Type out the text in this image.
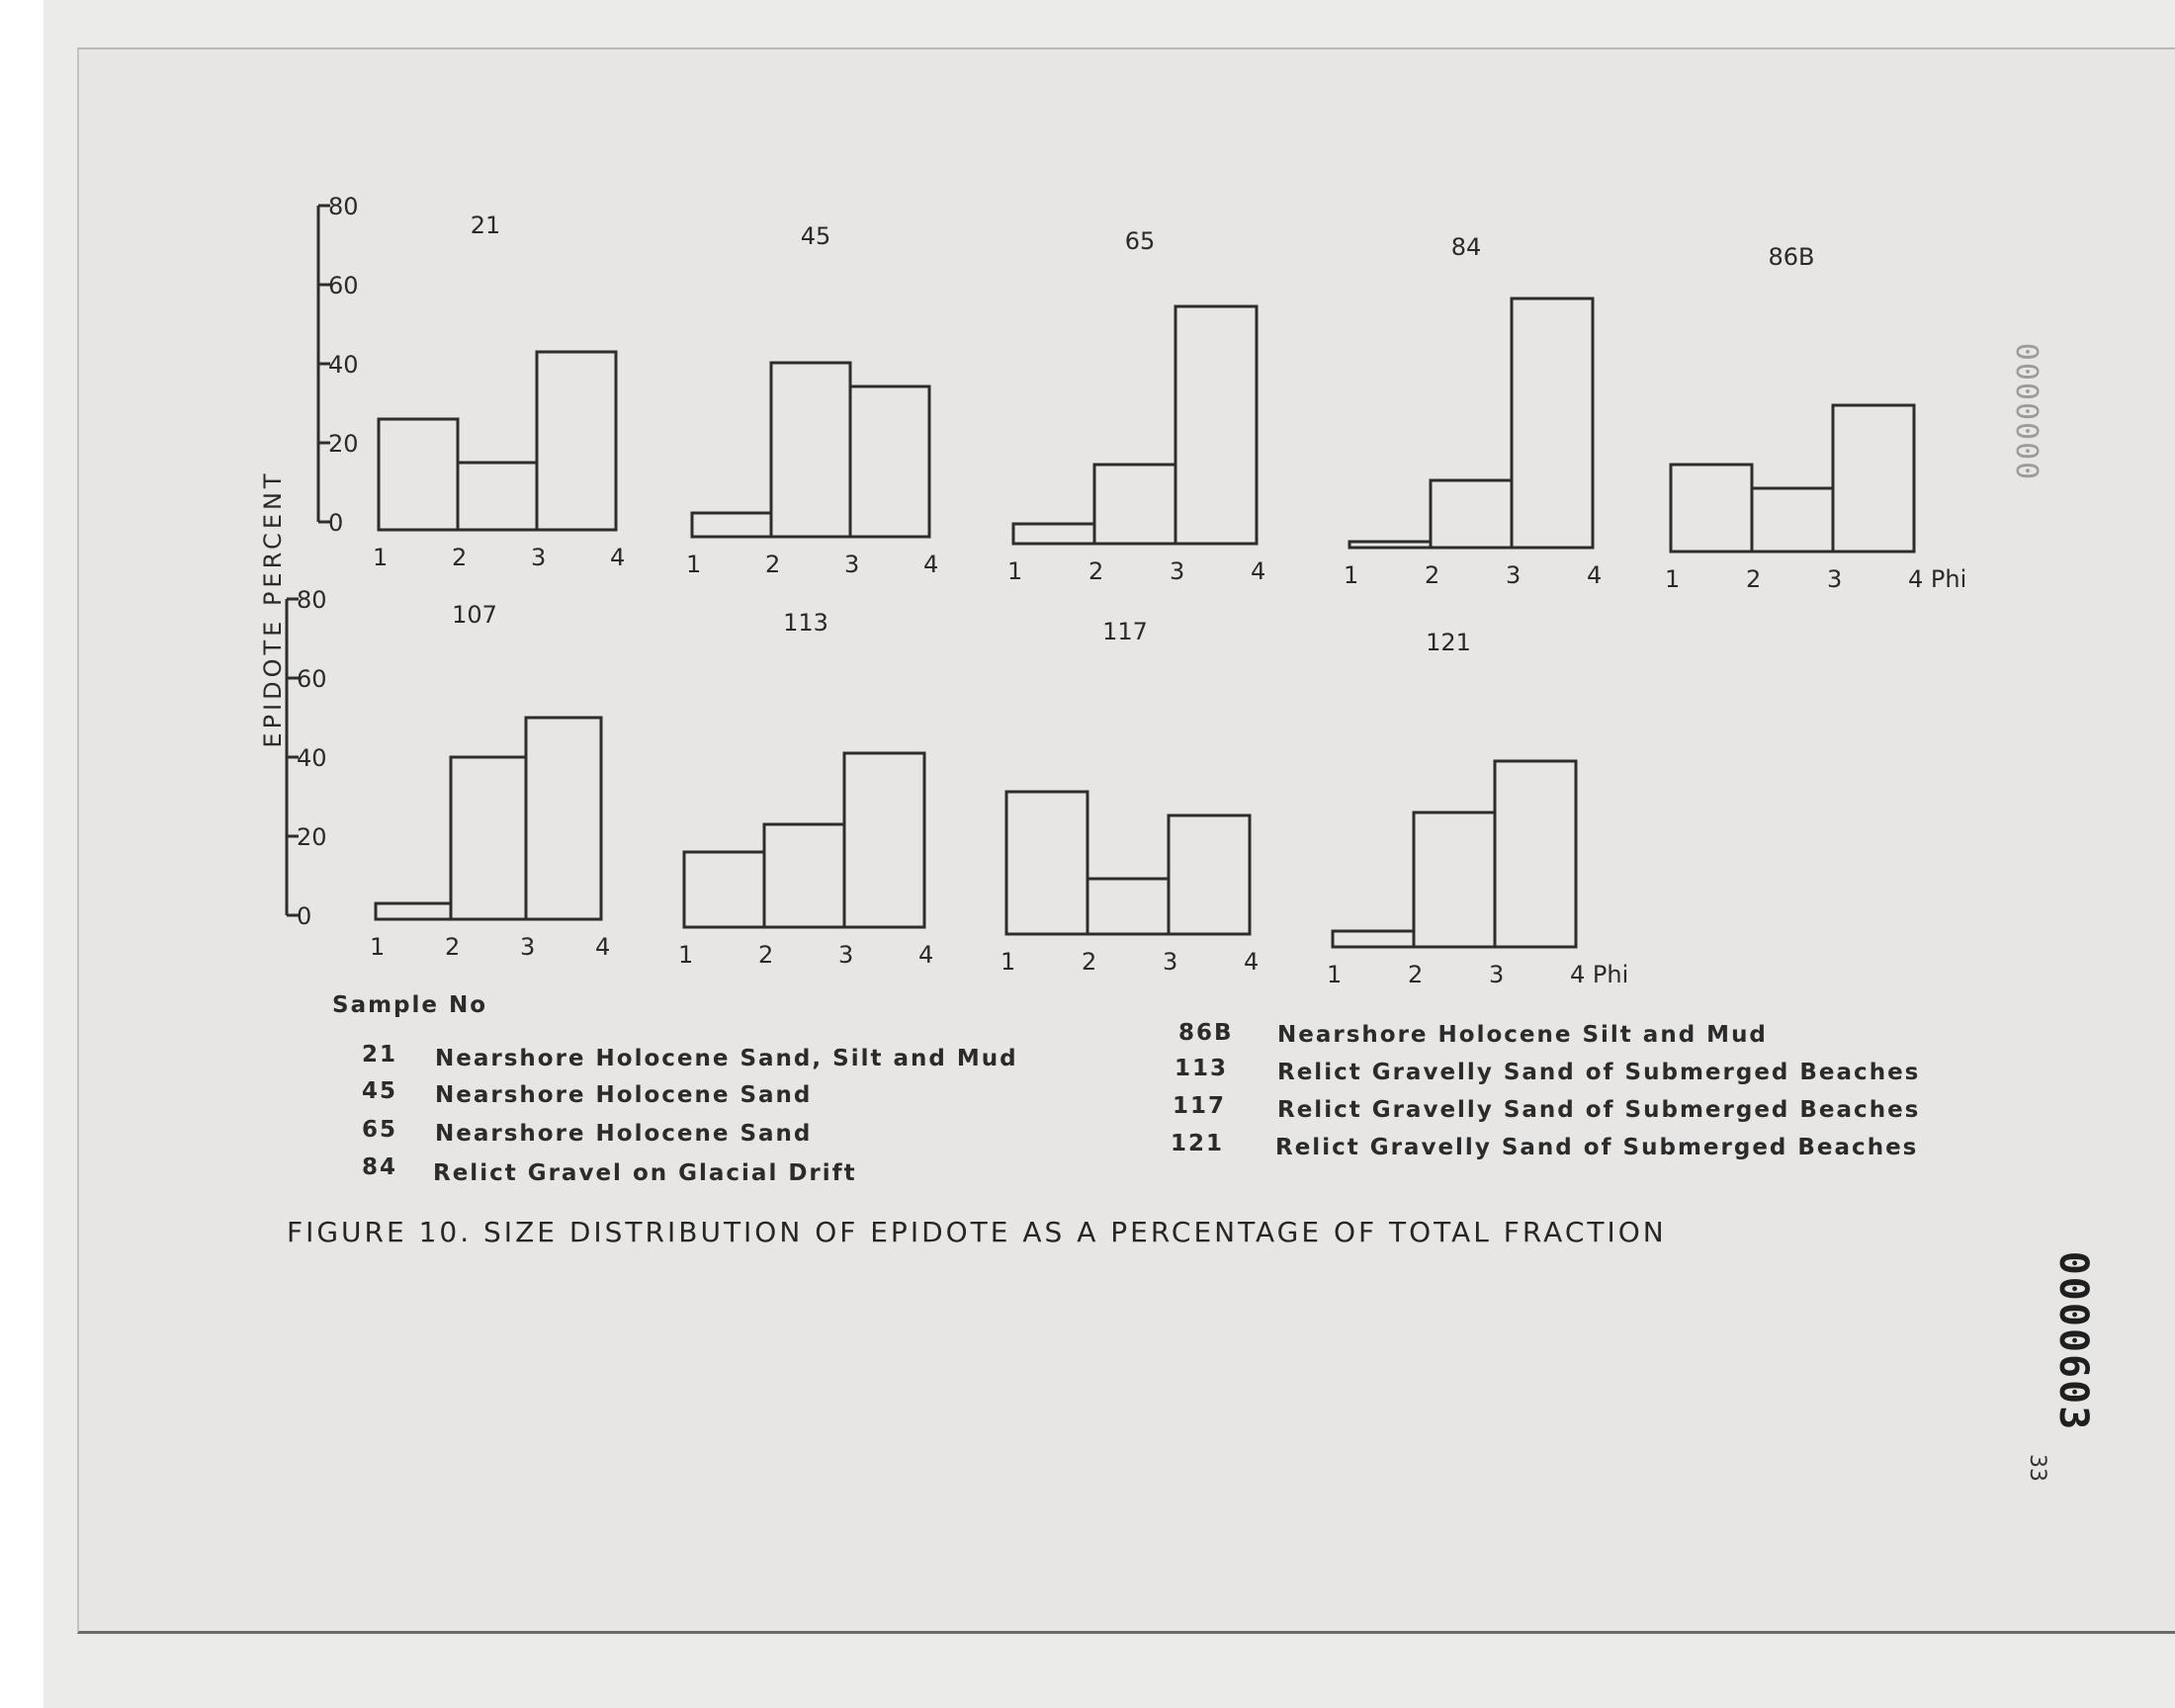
80
60
40
20
0
21
1	2	3	4
45
1	2	3	4
65
1	2	3	4
84
1	2	3	4
86B
1	2	3	4 Phi
80
60
40
20
0
107
1	2	3	4
113
1	2	3	4
117
1	2	3	4
121
1	2	3	4 Phi
EPIDOTE PERCENT
Sample No
21 Nearshore Holocene Sand, Silt and Mud
45 Nearshore Holocene Sand
65 Nearshore Holocene Sand
84 Relict Gravel on Glacial Drift
86B Nearshore Holocene Silt and Mud
113 Relict Gravelly Sand of Submerged Beaches
117 Relict Gravelly Sand of Submerged Beaches
121 Relict Gravelly Sand of Submerged Beaches
FIGURE 10. SIZE DISTRIBUTION OF EPIDOTE AS A PERCENTAGE OF TOTAL FRACTION
0000000
0000603
33
